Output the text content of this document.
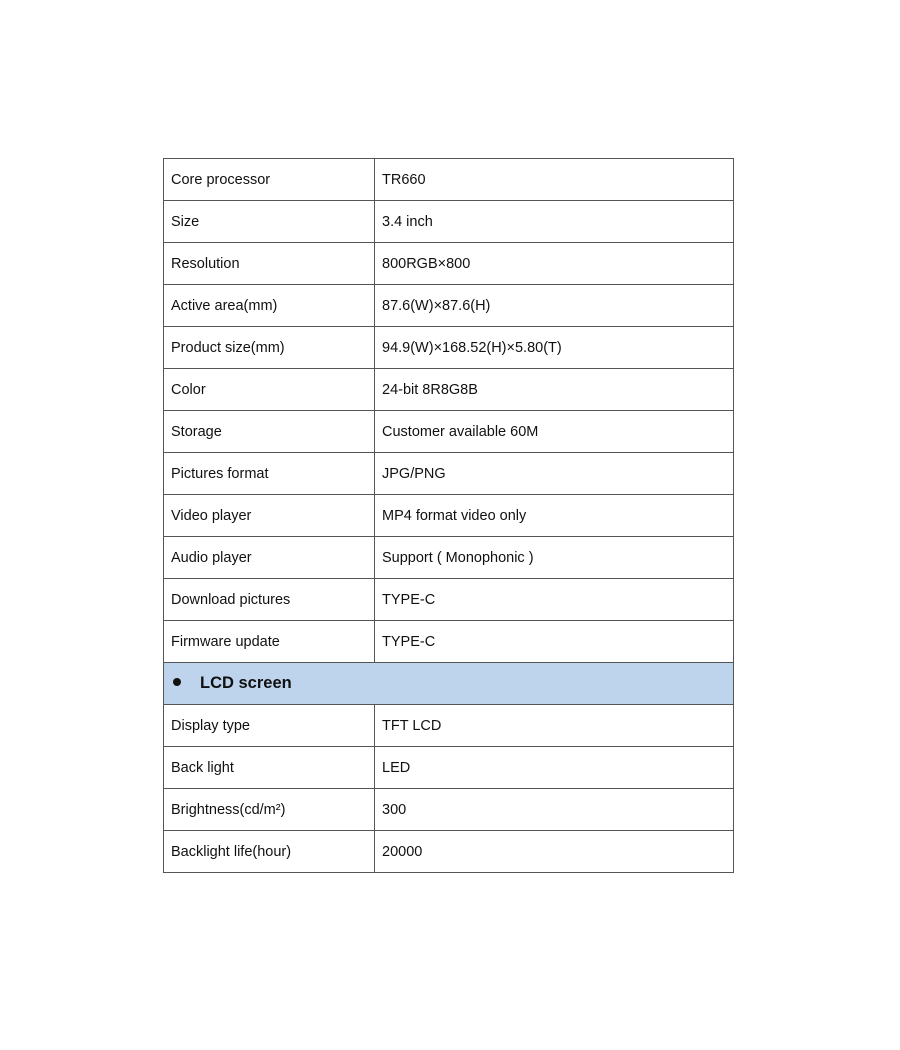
Core processor	TR660
Size	3.4 inch
Resolution	800RGB×800
Active area(mm)	87.6(W)×87.6(H)
Product size(mm)	94.9(W)×168.52(H)×5.80(T)
Color	24-bit 8R8G8B
Storage	Customer available 60M
Pictures format	JPG/PNG
Video player	MP4 format video only
Audio player	Support ( Monophonic )
Download pictures	TYPE-C
Firmware update	TYPE-C
LCD screen	
Display type	TFT LCD
Back light	LED
Brightness(cd/m²)	300
Backlight life(hour)	20000
